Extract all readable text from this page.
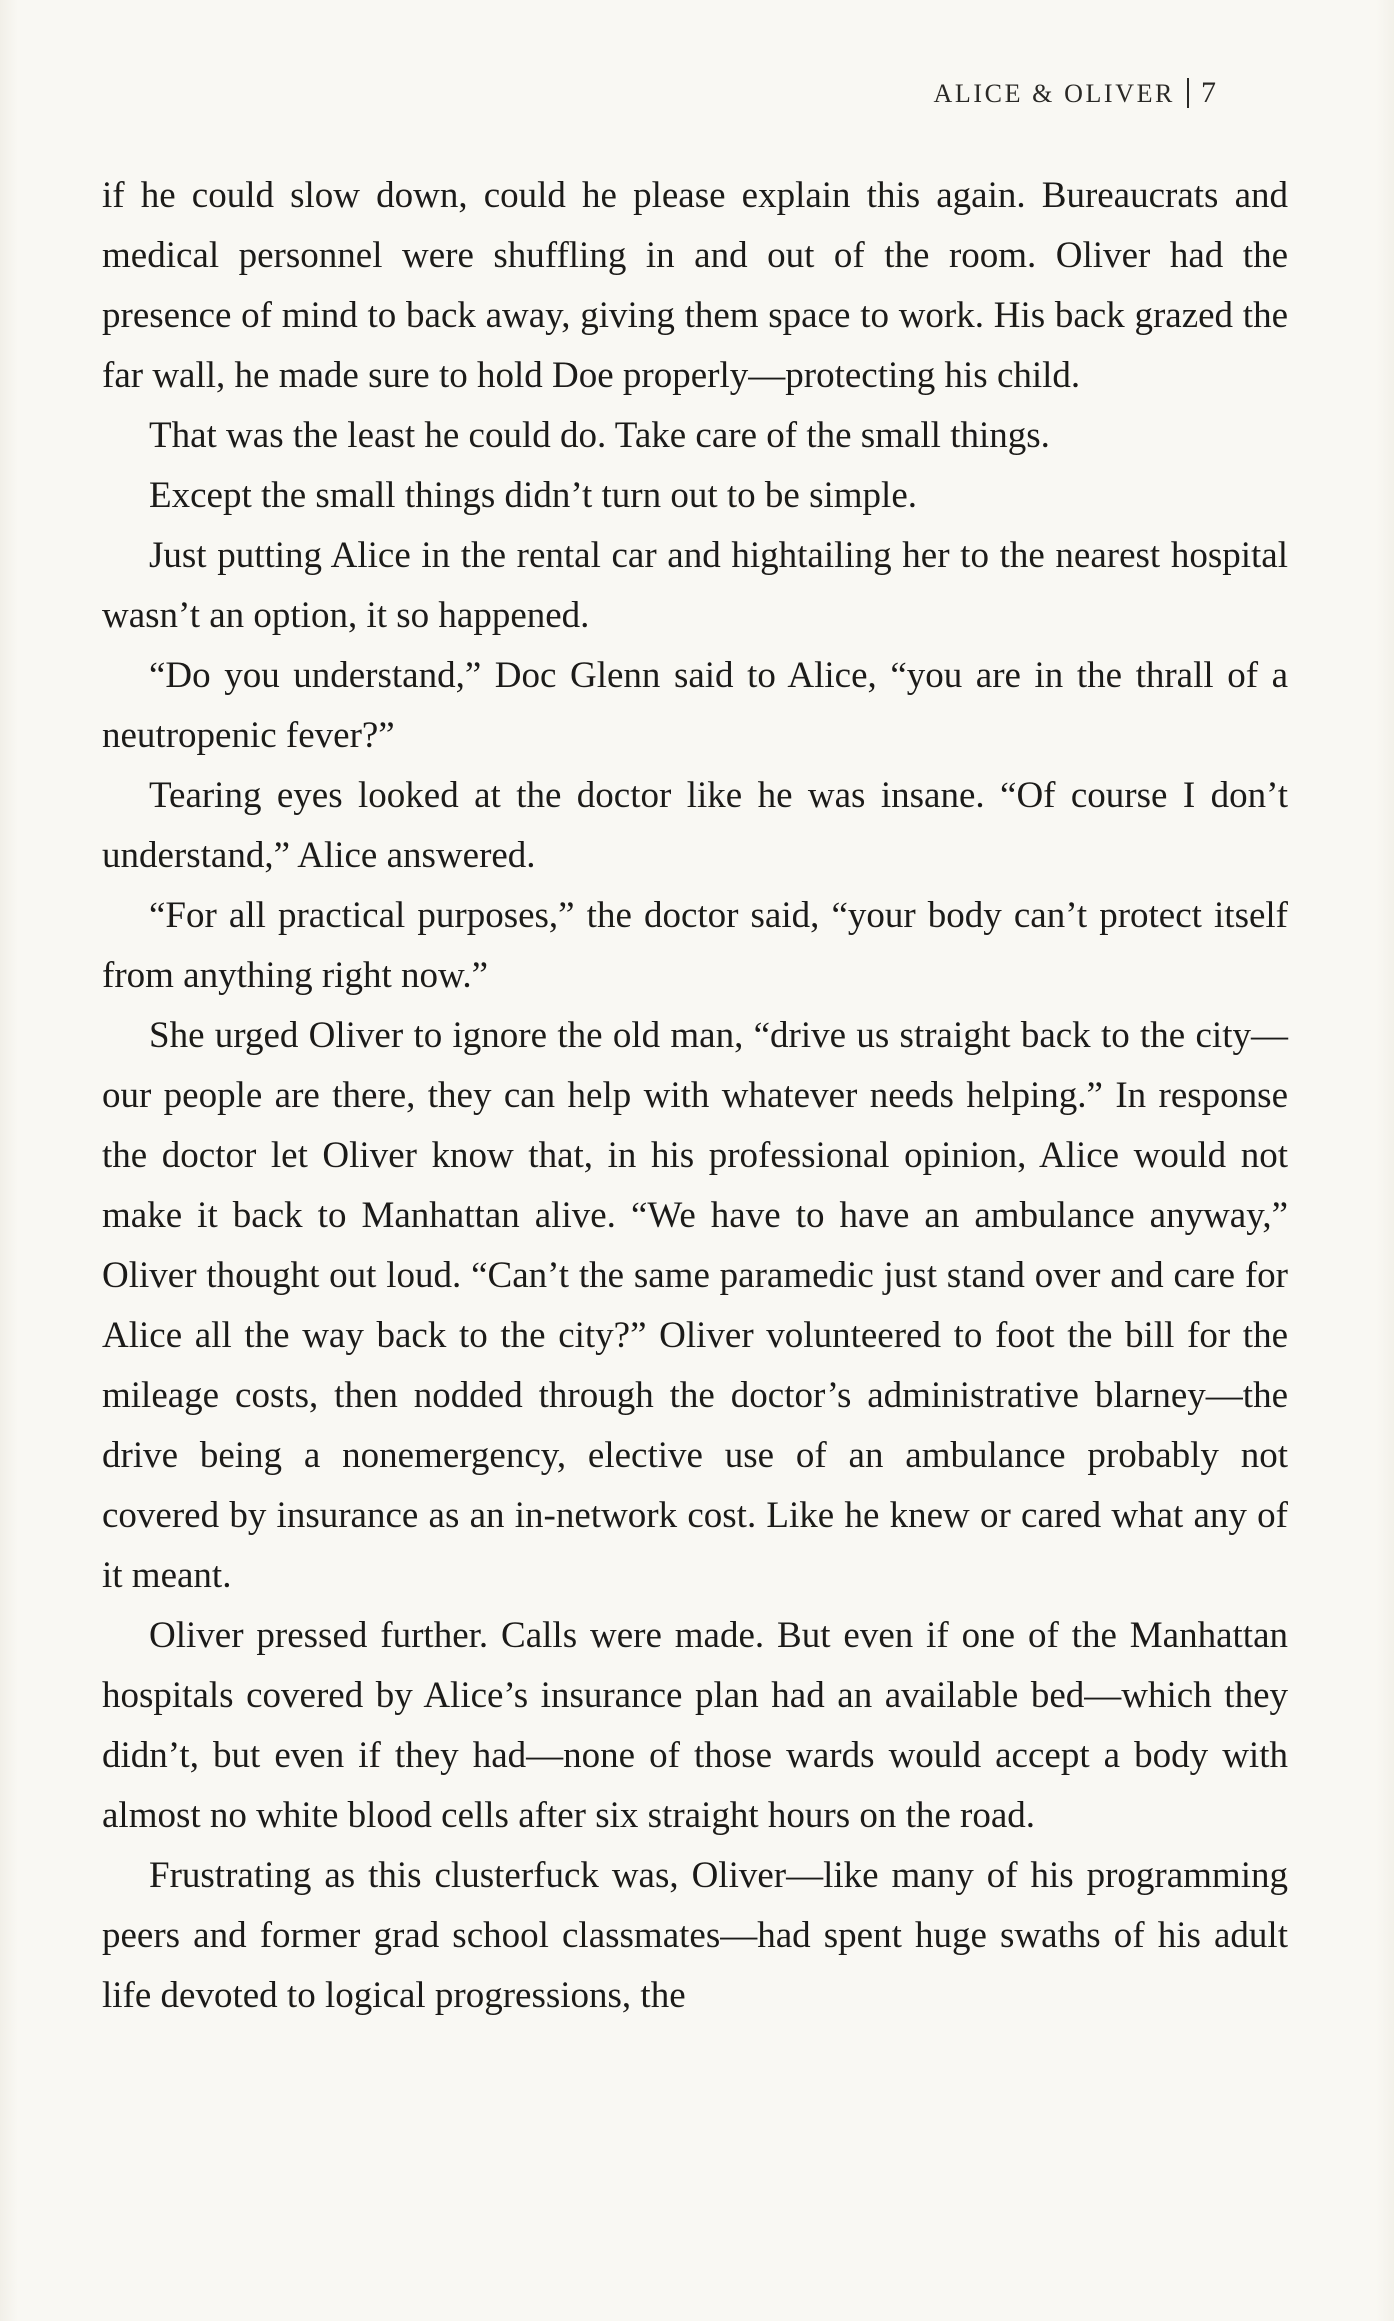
ALICE & OLIVER 7

if he could slow down, could he please explain this again. Bureaucrats and medical personnel were shuffling in and out of the room. Oliver had the presence of mind to back away, giving them space to work. His back grazed the far wall, he made sure to hold Doe properly—protecting his child.

That was the least he could do. Take care of the small things.

Except the small things didn’t turn out to be simple.

Just putting Alice in the rental car and hightailing her to the nearest hospital wasn’t an option, it so happened.

“Do you understand,” Doc Glenn said to Alice, “you are in the thrall of a neutropenic fever?”

Tearing eyes looked at the doctor like he was insane. “Of course I don’t understand,” Alice answered.

“For all practical purposes,” the doctor said, “your body can’t protect itself from anything right now.”

She urged Oliver to ignore the old man, “drive us straight back to the city—our people are there, they can help with whatever needs helping.” In response the doctor let Oliver know that, in his professional opinion, Alice would not make it back to Manhattan alive. “We have to have an ambulance anyway,” Oliver thought out loud. “Can’t the same paramedic just stand over and care for Alice all the way back to the city?” Oliver volunteered to foot the bill for the mileage costs, then nodded through the doctor’s administrative blarney—the drive being a nonemergency, elective use of an ambulance probably not covered by insurance as an in-network cost. Like he knew or cared what any of it meant.

Oliver pressed further. Calls were made. But even if one of the Manhattan hospitals covered by Alice’s insurance plan had an available bed—which they didn’t, but even if they had—none of those wards would accept a body with almost no white blood cells after six straight hours on the road.

Frustrating as this clusterfuck was, Oliver—like many of his programming peers and former grad school classmates—had spent huge swaths of his adult life devoted to logical progressions, the
